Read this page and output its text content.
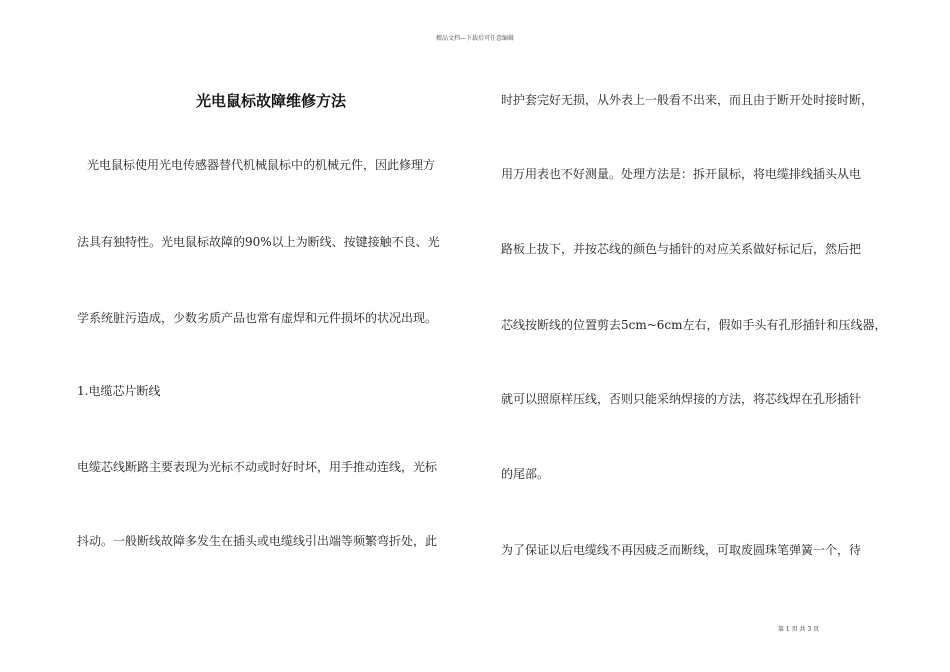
精品文档---下载后可任意编辑
光电鼠标故障维修方法
光电鼠标使用光电传感器替代机械鼠标中的机械元件，因此修理方
法具有独特性。光电鼠标故障的90%以上为断线、按键接触不良、光
学系统脏污造成，少数劣质产品也常有虚焊和元件损坏的状况出现。
1.电缆芯片断线
电缆芯线断路主要表现为光标不动或时好时坏，用手推动连线，光标
抖动。一般断线故障多发生在插头或电缆线引出端等频繁弯折处，此
时护套完好无损，从外表上一般看不出来，而且由于断开处时接时断，
用万用表也不好测量。处理方法是：拆开鼠标，将电缆排线插头从电
路板上拔下，并按芯线的颜色与插针的对应关系做好标记后，然后把
芯线按断线的位置剪去5cm~6cm左右，假如手头有孔形插针和压线器，
就可以照原样压线，否则只能采纳焊接的方法，将芯线焊在孔形插针
的尾部。
为了保证以后电缆线不再因疲乏而断线，可取废圆珠笔弹簧一个，待
第 1 页 共 3 页
